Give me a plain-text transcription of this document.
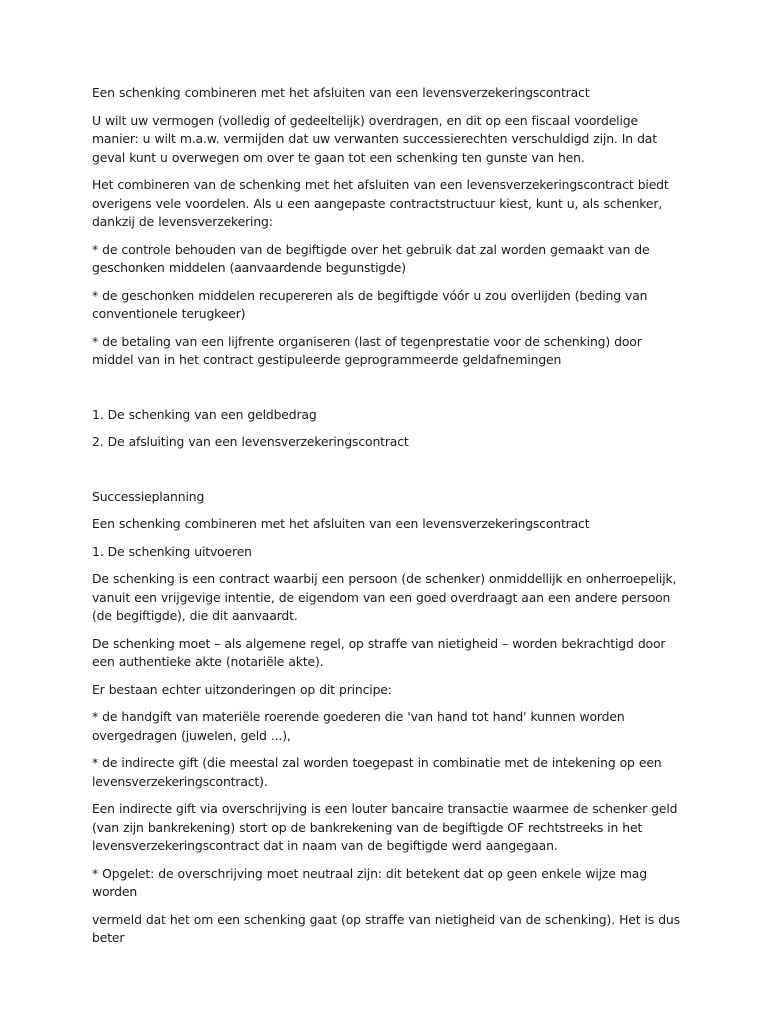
Een schenking combineren met het afsluiten van een levensverzekeringscontract

U wilt uw vermogen (volledig of gedeeltelijk) overdragen, en dit op een fiscaal voordelige manier: u wilt m.a.w. vermijden dat uw verwanten successierechten verschuldigd zijn. In dat geval kunt u overwegen om over te gaan tot een schenking ten gunste van hen.

Het combineren van de schenking met het afsluiten van een levensverzekeringscontract biedt overigens vele voordelen. Als u een aangepaste contractstructuur kiest, kunt u, als schenker, dankzij de levensverzekering:

* de controle behouden van de begiftigde over het gebruik dat zal worden gemaakt van de geschonken middelen (aanvaardende begunstigde)

* de geschonken middelen recupereren als de begiftigde vóór u zou overlijden (beding van conventionele terugkeer)

* de betaling van een lijfrente organiseren (last of tegenprestatie voor de schenking) door middel van in het contract gestipuleerde geprogrammeerde geldafnemingen

1. De schenking van een geldbedrag

2. De afsluiting van een levensverzekeringscontract

Successieplanning

Een schenking combineren met het afsluiten van een levensverzekeringscontract

1. De schenking uitvoeren

De schenking is een contract waarbij een persoon (de schenker) onmiddellijk en onherroepelijk, vanuit een vrijgevige intentie, de eigendom van een goed overdraagt aan een andere persoon (de begiftigde), die dit aanvaardt.

De schenking moet – als algemene regel, op straffe van nietigheid – worden bekrachtigd door een authentieke akte (notariële akte).

Er bestaan echter uitzonderingen op dit principe:

* de handgift van materiële roerende goederen die 'van hand tot hand' kunnen worden overgedragen (juwelen, geld ...),

* de indirecte gift (die meestal zal worden toegepast in combinatie met de intekening op een levensverzekeringscontract).

Een indirecte gift via overschrijving is een louter bancaire transactie waarmee de schenker geld (van zijn bankrekening) stort op de bankrekening van de begiftigde OF rechtstreeks in het levensverzekeringscontract dat in naam van de begiftigde werd aangegaan.

* Opgelet: de overschrijving moet neutraal zijn: dit betekent dat op geen enkele wijze mag worden

vermeld dat het om een schenking gaat (op straffe van nietigheid van de schenking). Het is dus beter
